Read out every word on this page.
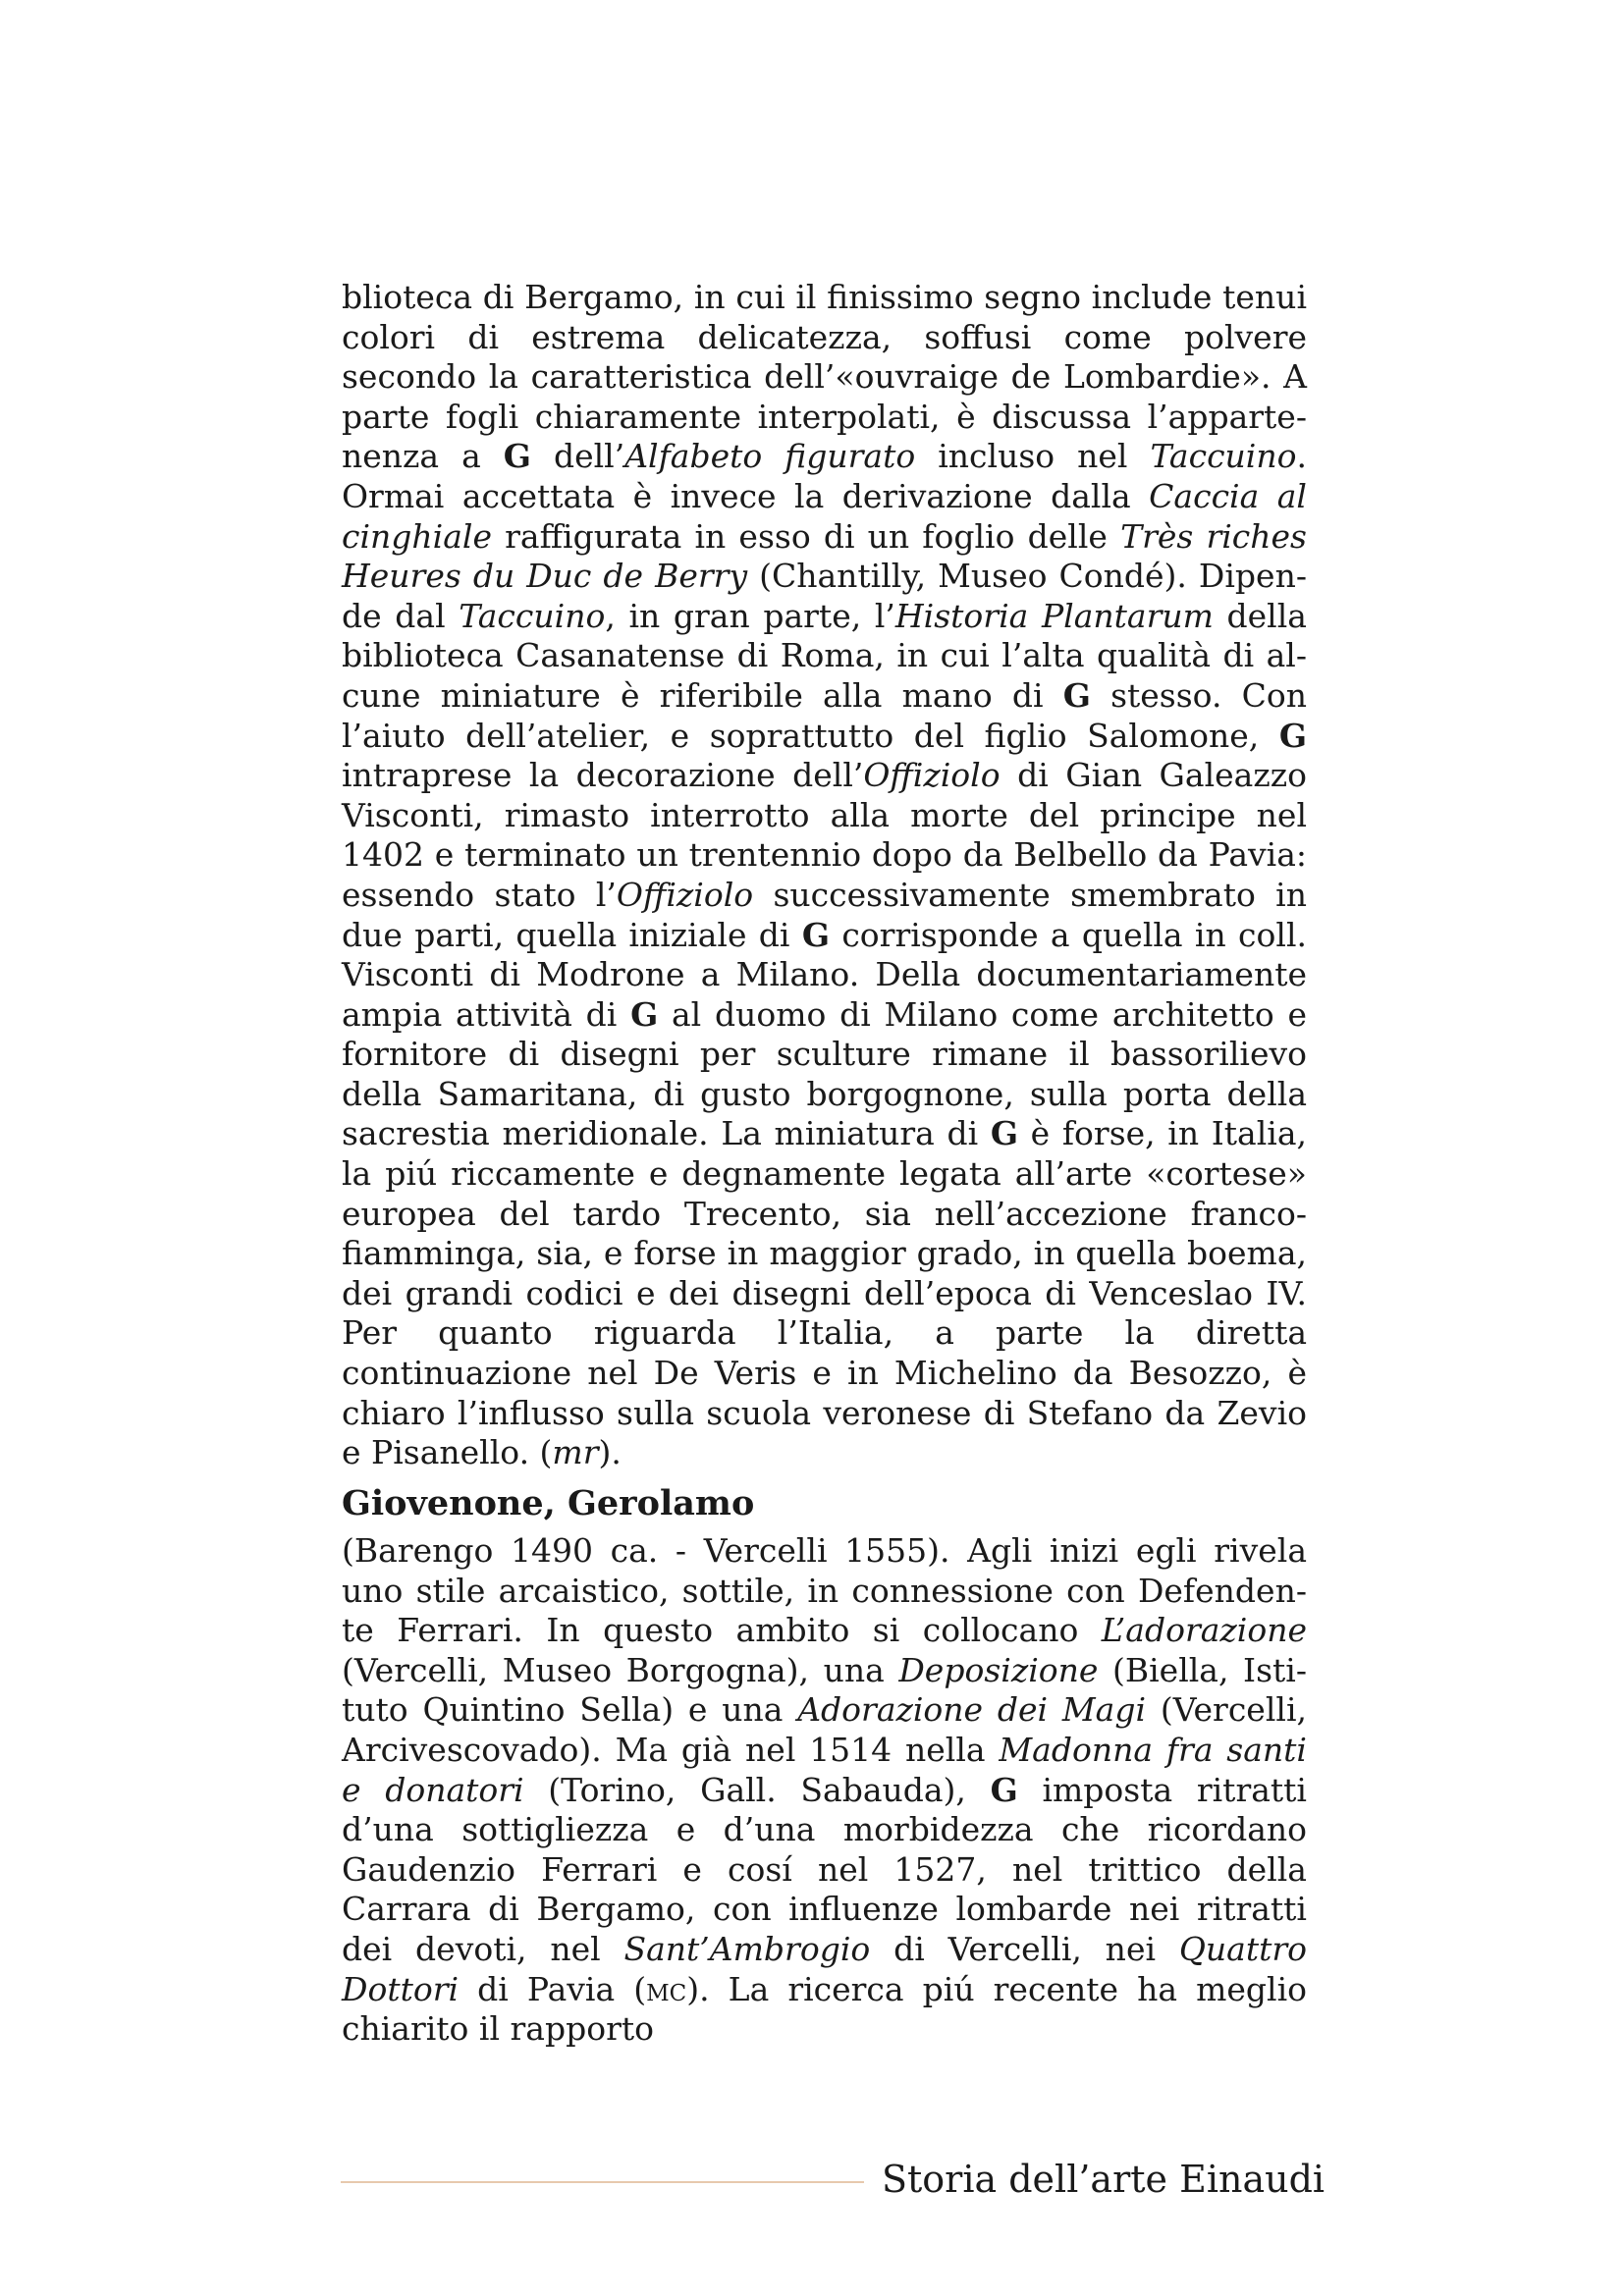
blioteca di Bergamo, in cui il finissimo segno include tenui colori di estrema delicatezza, soffusi come polvere secondo la caratteristica dell’«ouvraige de Lombardie». A parte fogli chiaramente interpolati, è discussa l’appartenenza a G dell’Alfabeto figurato incluso nel Taccuino. Ormai accettata è invece la derivazione dalla Caccia al cinghiale raffigurata in esso di un foglio delle Très riches Heures du Duc de Berry (Chantilly, Museo Condé). Dipende dal Taccuino, in gran parte, l’Historia Plantarum della biblioteca Casanatense di Roma, in cui l’alta qualità di alcune miniature è riferibile alla mano di G stesso. Con l’aiuto dell’atelier, e soprattutto del figlio Salomone, G intraprese la decorazione dell’Offiziolo di Gian Galeazzo Visconti, rimasto interrotto alla morte del principe nel 1402 e terminato un trentennio dopo da Belbello da Pavia: essendo stato l’Offiziolo successivamente smembrato in due parti, quella iniziale di G corrisponde a quella in coll. Visconti di Modrone a Milano. Della documentariamente ampia attività di G al duomo di Milano come architetto e fornitore di disegni per sculture rimane il bassorilievo della Samaritana, di gusto borgognone, sulla porta della sacrestia meridionale. La miniatura di G è forse, in Italia, la piú riccamente e degnamente legata all’arte «cortese» europea del tardo Trecento, sia nell’accezione franco-fiamminga, sia, e forse in maggior grado, in quella boema, dei grandi codici e dei disegni dell’epoca di Venceslao IV. Per quanto riguarda l’Italia, a parte la diretta continuazione nel De Veris e in Michelino da Besozzo, è chiaro l’influsso sulla scuola veronese di Stefano da Zevio e Pisanello. (mr).

Giovenone, Gerolamo

(Barengo 1490 ca. - Vercelli 1555). Agli inizi egli rivela uno stile arcaistico, sottile, in connessione con Defendente Ferrari. In questo ambito si collocano L’adorazione (Vercelli, Museo Borgogna), una Deposizione (Biella, Istituto Quintino Sella) e una Adorazione dei Magi (Vercelli, Arcivescovado). Ma già nel 1514 nella Madonna fra santi e donatori (Torino, Gall. Sabauda), G imposta ritratti d’una sottigliezza e d’una morbidezza che ricordano Gaudenzio Ferrari e cosí nel 1527, nel trittico della Carrara di Bergamo, con influenze lombarde nei ritratti dei devoti, nel Sant’Ambrogio di Vercelli, nei Quattro Dottori di Pavia (mc). La ricerca piú recente ha meglio chiarito il rapporto

Storia dell’arte Einaudi
